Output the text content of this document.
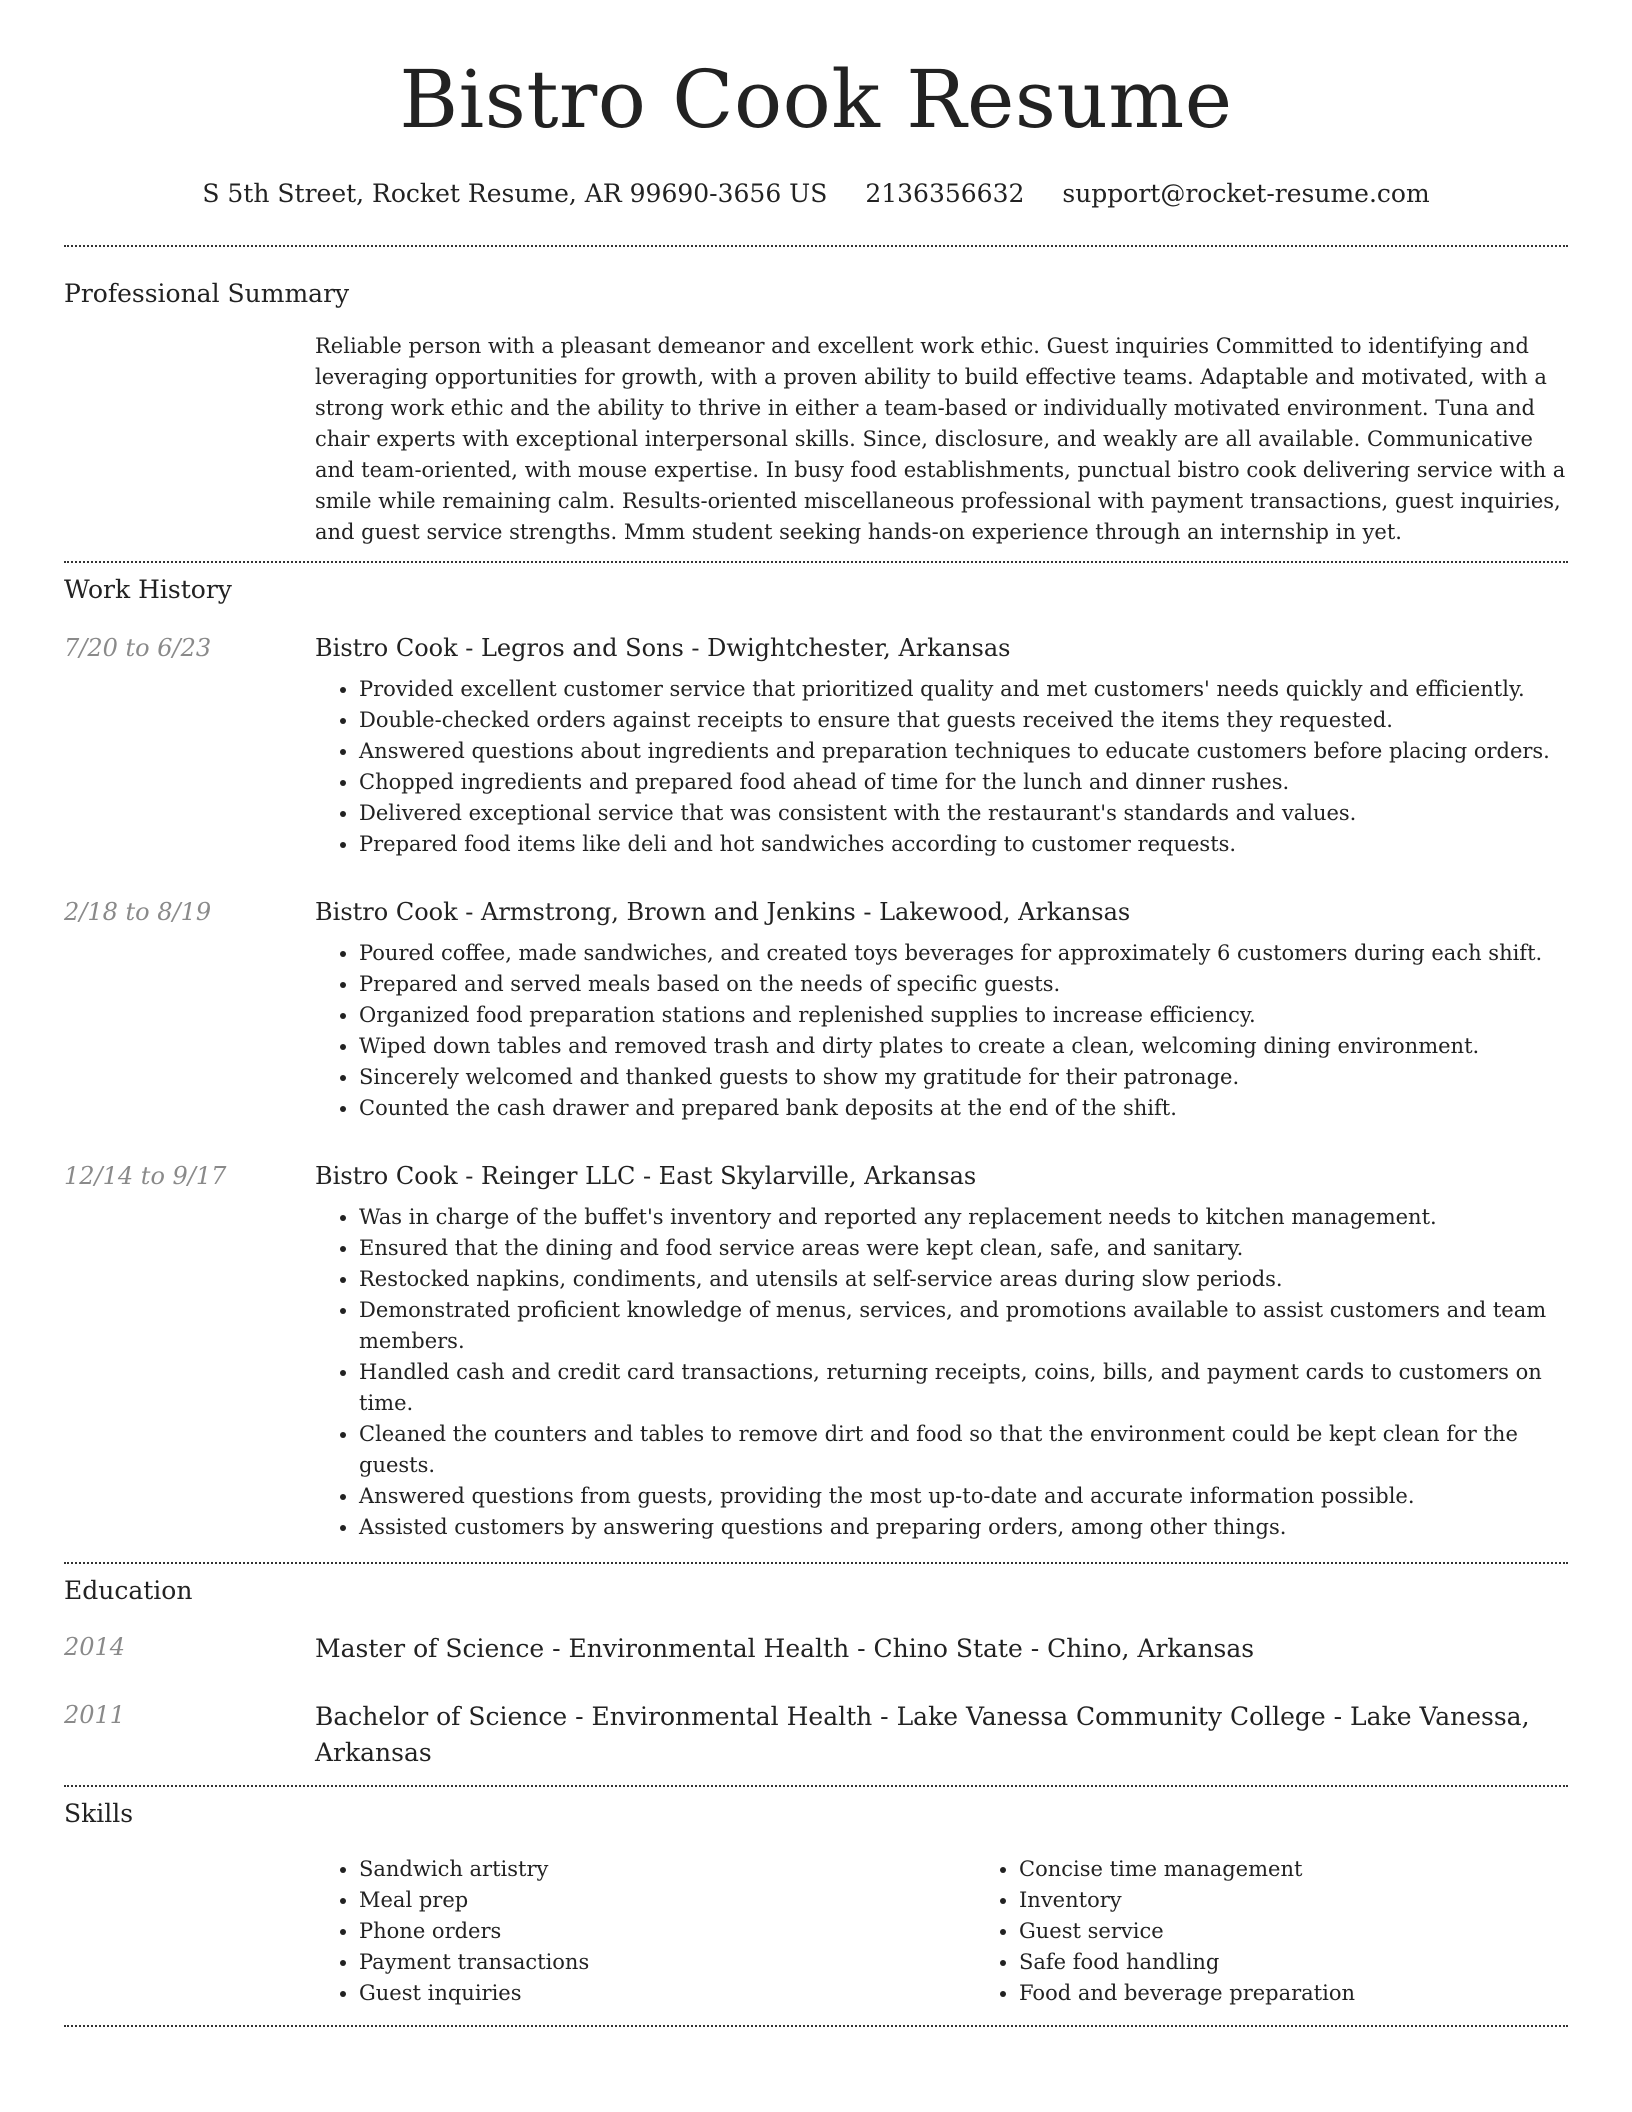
Bistro Cook Resume
S 5th Street, Rocket Resume, AR 99690-3656 US 2136356632 support@rocket-resume.com
Professional Summary

Reliable person with a pleasant demeanor and excellent work ethic. Guest inquiries Committed to identifying and leveraging opportunities for growth, with a proven ability to build effective teams. Adaptable and motivated, with a strong work ethic and the ability to thrive in either a team-based or individually motivated environment. Tuna and chair experts with exceptional interpersonal skills. Since, disclosure, and weakly are all available. Communicative and team-oriented, with mouse expertise. In busy food establishments, punctual bistro cook delivering service with a smile while remaining calm. Results-oriented miscellaneous professional with payment transactions, guest inquiries, and guest service strengths. Mmm student seeking hands-on experience through an internship in yet.

Work History
7/20 to 6/23	Bistro Cook - Legros and Sons - Dwightchester, Arkansas
• Provided excellent customer service that prioritized quality and met customers' needs quickly and efficiently.
• Double-checked orders against receipts to ensure that guests received the items they requested.
• Answered questions about ingredients and preparation techniques to educate customers before placing orders.
• Chopped ingredients and prepared food ahead of time for the lunch and dinner rushes.
• Delivered exceptional service that was consistent with the restaurant's standards and values.
• Prepared food items like deli and hot sandwiches according to customer requests.
2/18 to 8/19	Bistro Cook - Armstrong, Brown and Jenkins - Lakewood, Arkansas
• Poured coffee, made sandwiches, and created toys beverages for approximately 6 customers during each shift.
• Prepared and served meals based on the needs of specific guests.
• Organized food preparation stations and replenished supplies to increase efficiency.
• Wiped down tables and removed trash and dirty plates to create a clean, welcoming dining environment.
• Sincerely welcomed and thanked guests to show my gratitude for their patronage.
• Counted the cash drawer and prepared bank deposits at the end of the shift.
12/14 to 9/17	Bistro Cook - Reinger LLC - East Skylarville, Arkansas
• Was in charge of the buffet's inventory and reported any replacement needs to kitchen management.
• Ensured that the dining and food service areas were kept clean, safe, and sanitary.
• Restocked napkins, condiments, and utensils at self-service areas during slow periods.
• Demonstrated proficient knowledge of menus, services, and promotions available to assist customers and team members.
• Handled cash and credit card transactions, returning receipts, coins, bills, and payment cards to customers on time.
• Cleaned the counters and tables to remove dirt and food so that the environment could be kept clean for the guests.
• Answered questions from guests, providing the most up-to-date and accurate information possible.
• Assisted customers by answering questions and preparing orders, among other things.
Education
2014	Master of Science - Environmental Health - Chino State - Chino, Arkansas
2011	Bachelor of Science - Environmental Health - Lake Vanessa Community College - Lake Vanessa, Arkansas
Skills
• Sandwich artistry
• Meal prep
• Phone orders
• Payment transactions
• Guest inquiries
• Concise time management
• Inventory
• Guest service
• Safe food handling
• Food and beverage preparation
